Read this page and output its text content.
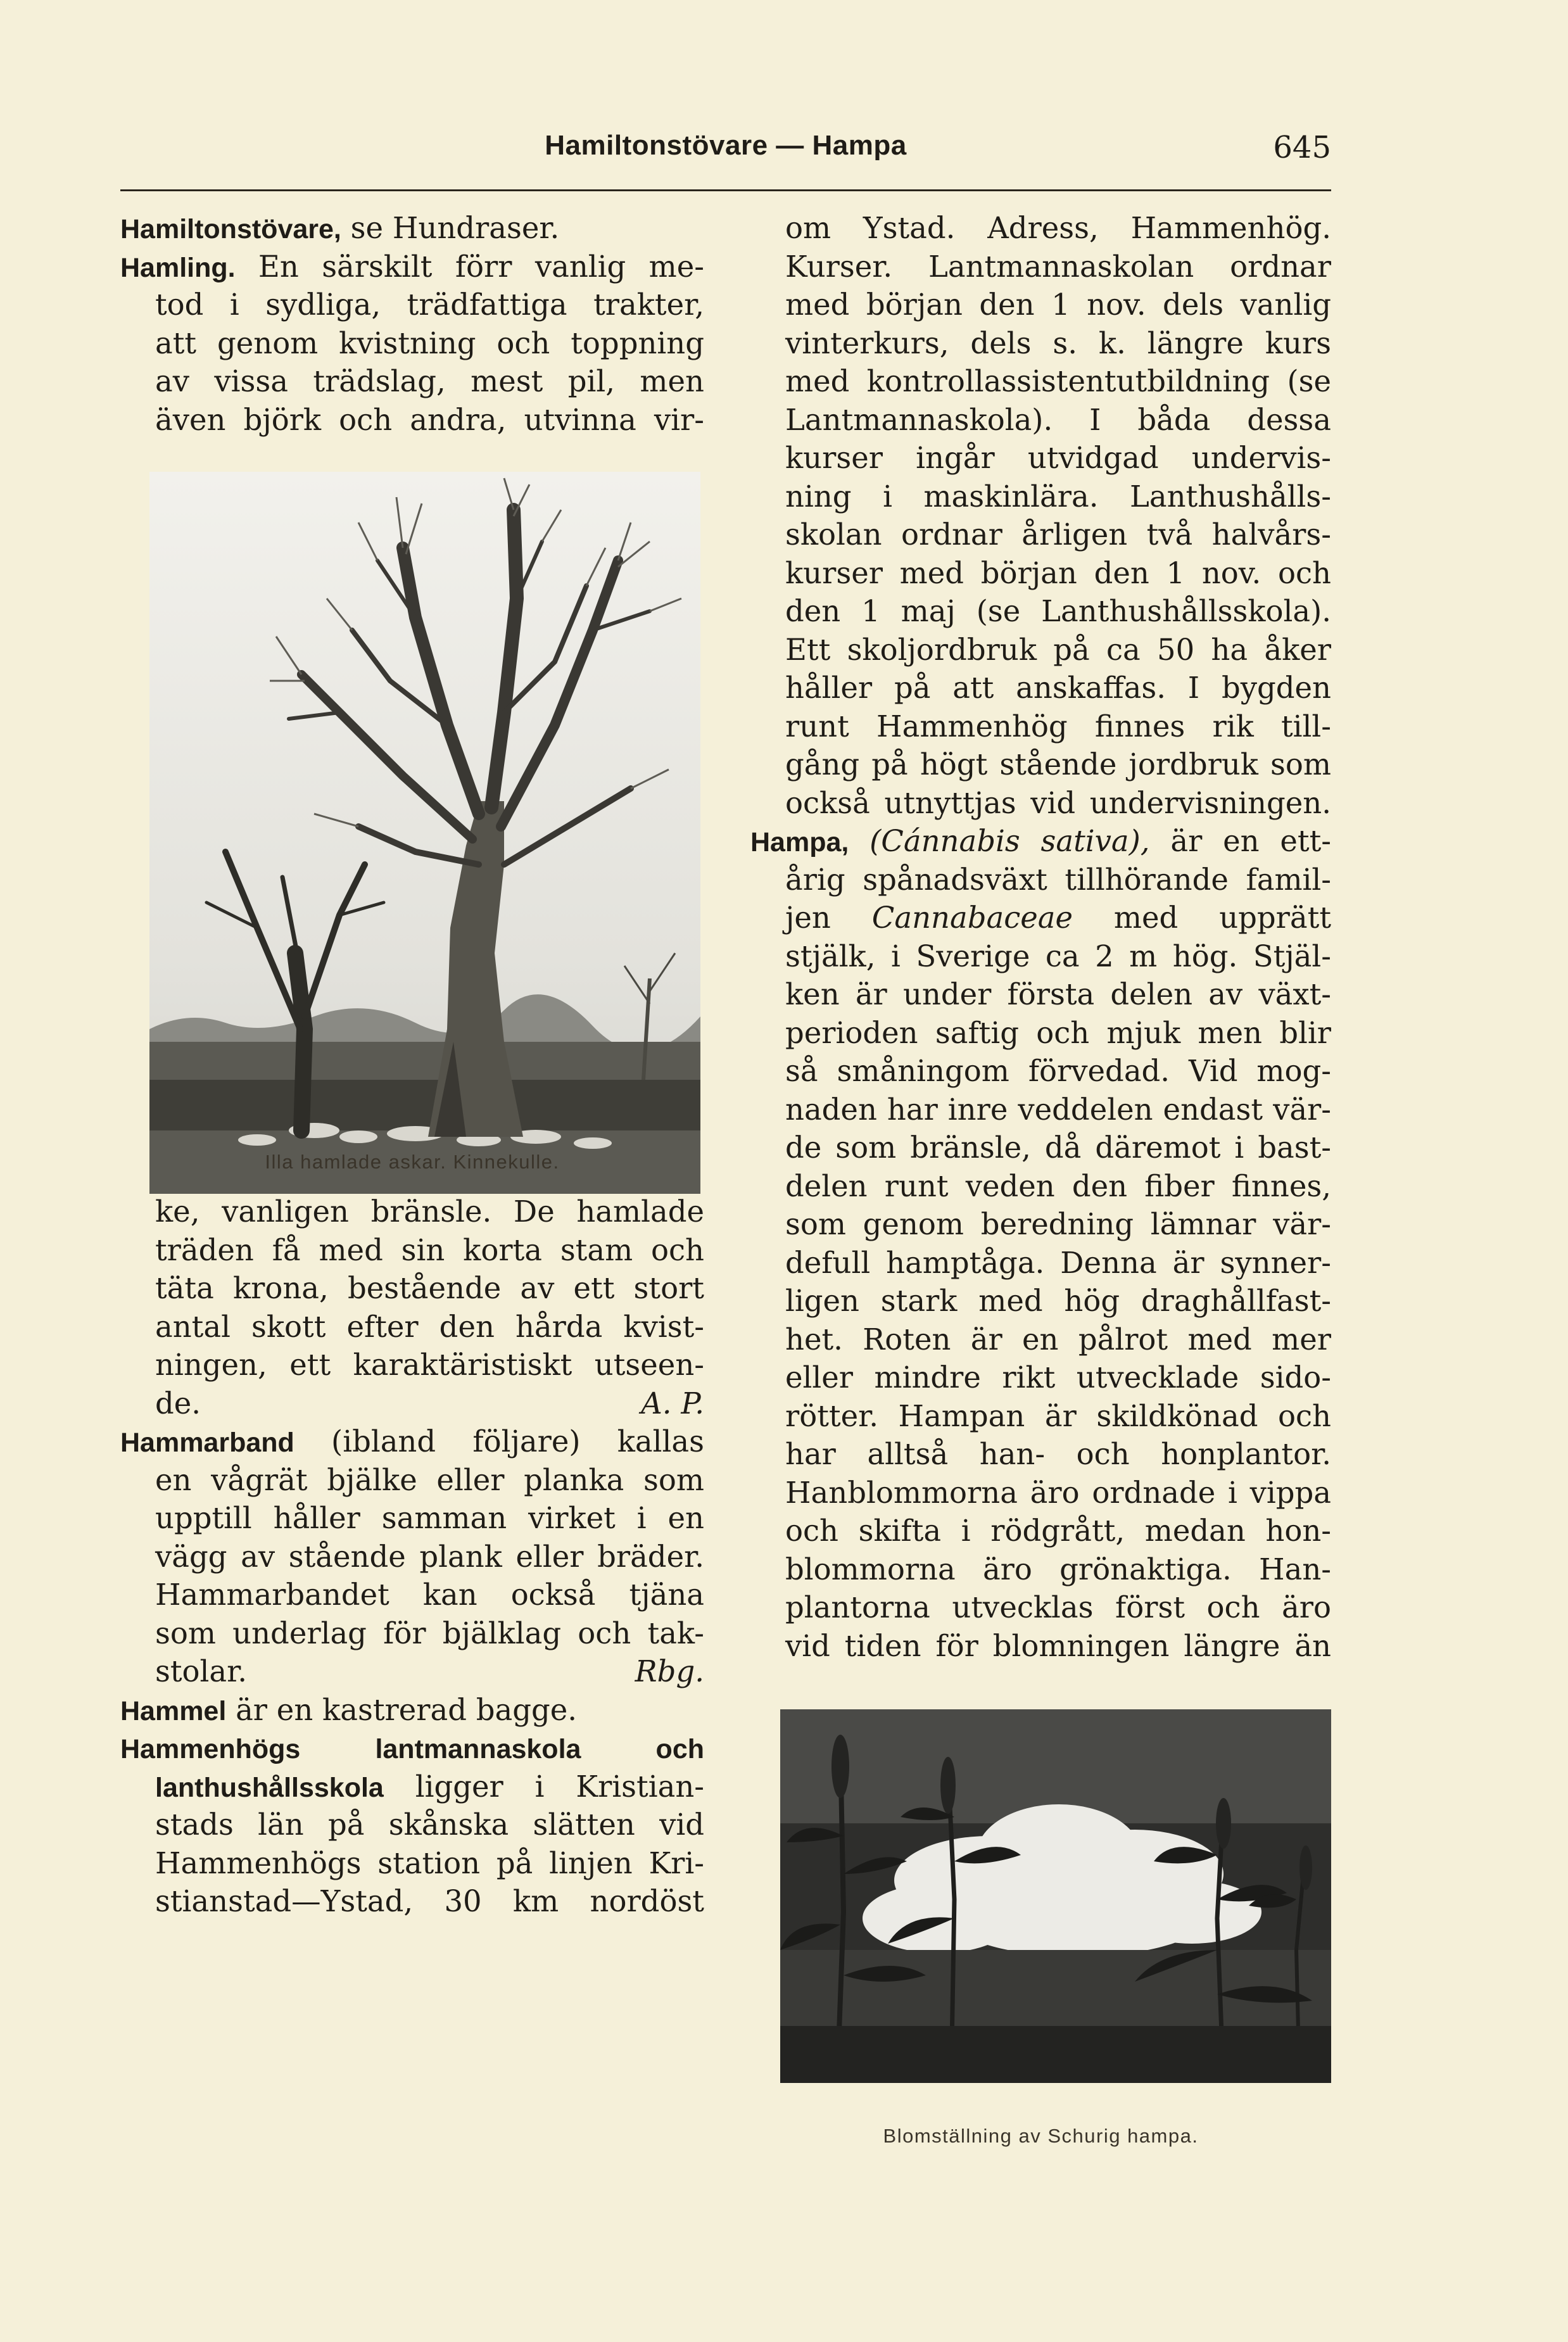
Hamiltonstövare — Hampa	645
Hamiltonstövare, se Hundraser.
Hamling. En särskilt förr vanlig me-
tod i sydliga, trädfattiga trakter,
att genom kvistning och toppning
av vissa trädslag, mest pil, men
även björk och andra, utvinna vir-
Illa hamlade askar. Kinnekulle.
ke, vanligen bränsle. De hamlade
träden få med sin korta stam och
täta krona, bestående av ett stort
antal skott efter den hårda kvist-
ningen, ett karaktäristiskt utseen-
de.	A. P.
Hammarband (ibland följare) kallas
en vågrät bjälke eller planka som
upptill håller samman virket i en
vägg av stående plank eller bräder.
Hammarbandet kan också tjäna
som underlag för bjälklag och tak-
stolar.	Rbg.
Hammel är en kastrerad bagge.
Hammenhögs lantmannaskola och
lanthushållsskola ligger i Kristian-
stads län på skånska slätten vid
Hammenhögs station på linjen Kri-
stianstad—Ystad, 30 km nordöst
om Ystad. Adress, Hammenhög.
Kurser. Lantmannaskolan ordnar
med början den 1 nov. dels vanlig
vinterkurs, dels s. k. längre kurs
med kontrollassistentutbildning (se
Lantmannaskola). I båda dessa
kurser ingår utvidgad undervis-
ning i maskinlära. Lanthushålls-
skolan ordnar årligen två halvårs-
kurser med början den 1 nov. och
den 1 maj (se Lanthushållsskola).
Ett skoljordbruk på ca 50 ha åker
håller på att anskaffas. I bygden
runt Hammenhög finnes rik till-
gång på högt stående jordbruk som
också utnyttjas vid undervisningen.
Hampa, (Cánnabis sativa), är en ett-
årig spånadsväxt tillhörande famil-
jen Cannabaceae med upprätt
stjälk, i Sverige ca 2 m hög. Stjäl-
ken är under första delen av växt-
perioden saftig och mjuk men blir
så småningom förvedad. Vid mog-
naden har inre veddelen endast vär-
de som bränsle, då däremot i bast-
delen runt veden den fiber finnes,
som genom beredning lämnar vär-
defull hamptåga. Denna är synner-
ligen stark med hög draghållfast-
het. Roten är en pålrot med mer
eller mindre rikt utvecklade sido-
rötter. Hampan är skildkönad och
har alltså han- och honplantor.
Hanblommorna äro ordnade i vippa
och skifta i rödgrått, medan hon-
blommorna äro grönaktiga. Han-
plantorna utvecklas först och äro
vid tiden för blomningen längre än
Blomställning av Schurig hampa.
